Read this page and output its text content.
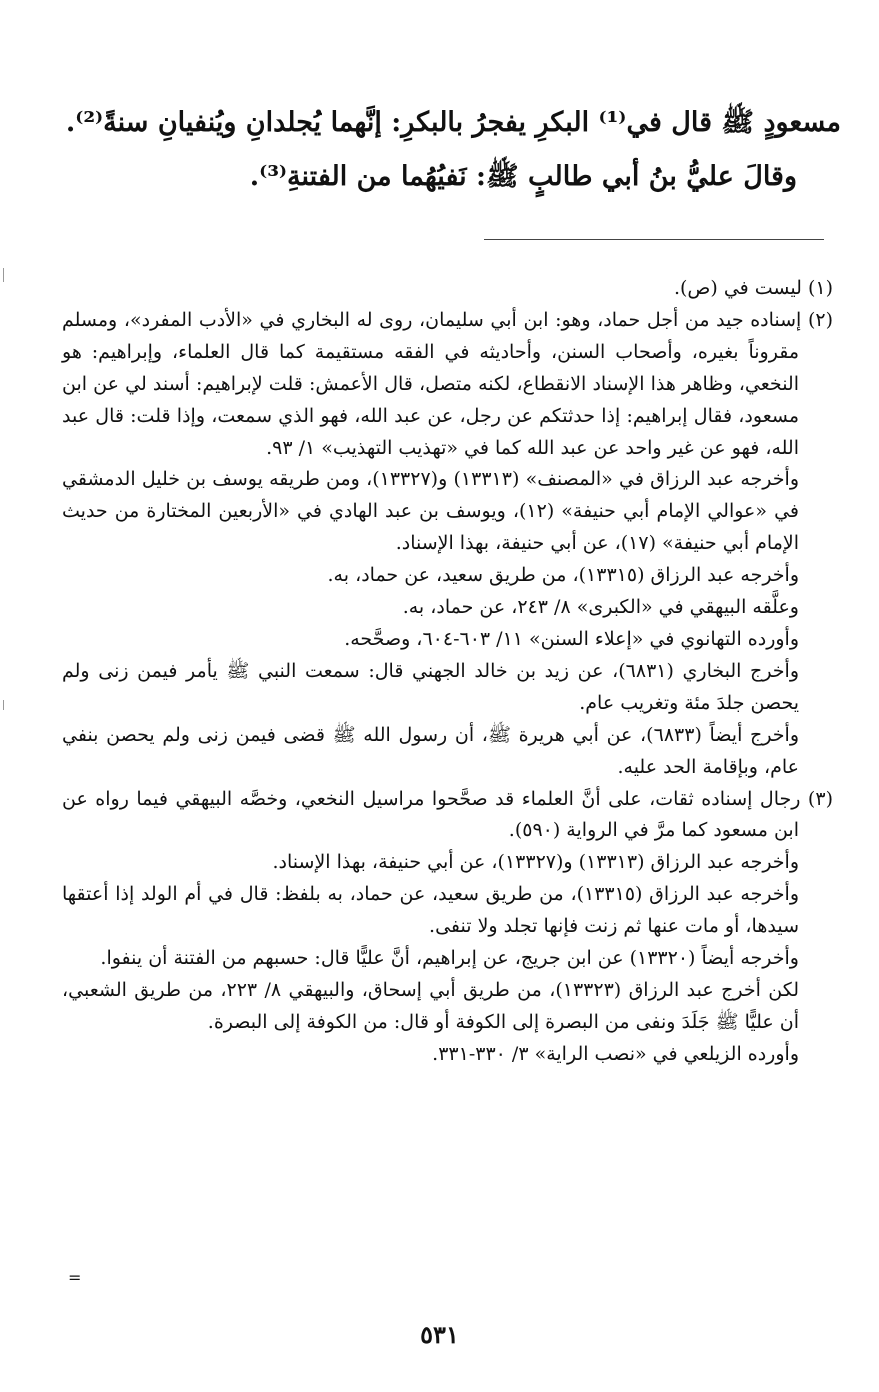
مسعودٍ ﷺ قال في⁽¹⁾ البكرِ يفجرُ بالبكرِ: إنَّهما يُجلدانِ ويُنفيانِ سنةً⁽²⁾.

وقالَ عليُّ بنُ أبي طالبٍ ﷺ: نَفيُهُما من الفتنةِ⁽³⁾.

(١) ليست في (ص).

(٢) إسناده جيد من أجل حماد، وهو: ابن أبي سليمان، روى له البخاري في «الأدب المفرد»، ومسلم مقروناً بغيره، وأصحاب السنن، وأحاديثه في الفقه مستقيمة كما قال العلماء، وإبراهيم: هو النخعي، وظاهر هذا الإسناد الانقطاع، لكنه متصل، قال الأعمش: قلت لإبراهيم: أسند لي عن ابن مسعود، فقال إبراهيم: إذا حدثتكم عن رجل، عن عبد الله، فهو الذي سمعت، وإذا قلت: قال عبد الله، فهو عن غير واحد عن عبد الله كما في «تهذيب التهذيب» ١/ ٩٣.

وأخرجه عبد الرزاق في «المصنف» (١٣٣١٣) و(١٣٣٢٧)، ومن طريقه يوسف بن خليل الدمشقي في «عوالي الإمام أبي حنيفة» (١٢)، ويوسف بن عبد الهادي في «الأربعين المختارة من حديث الإمام أبي حنيفة» (١٧)، عن أبي حنيفة، بهذا الإسناد.

وأخرجه عبد الرزاق (١٣٣١٥)، من طريق سعيد، عن حماد، به.

وعلَّقه البيهقي في «الكبرى» ٨/ ٢٤٣، عن حماد، به.

وأورده التهانوي في «إعلاء السنن» ١١/ ٦٠٣-٦٠٤، وصحَّحه.

وأخرج البخاري (٦٨٣١)، عن زيد بن خالد الجهني قال: سمعت النبي ﷺ يأمر فيمن زنى ولم يحصن جلدَ مئة وتغريب عام.

وأخرج أيضاً (٦٨٣٣)، عن أبي هريرة ﷺ، أن رسول الله ﷺ قضى فيمن زنى ولم يحصن بنفي عام، وبإقامة الحد عليه.

(٣) رجال إسناده ثقات، على أنَّ العلماء قد صحَّحوا مراسيل النخعي، وخصَّه البيهقي فيما رواه عن ابن مسعود كما مرَّ في الرواية (٥٩٠).

وأخرجه عبد الرزاق (١٣٣١٣) و(١٣٣٢٧)، عن أبي حنيفة، بهذا الإسناد.

وأخرجه عبد الرزاق (١٣٣١٥)، من طريق سعيد، عن حماد، به بلفظ: قال في أم الولد إذا أعتقها سيدها، أو مات عنها ثم زنت فإنها تجلد ولا تنفى.

وأخرجه أيضاً (١٣٣٢٠) عن ابن جريج، عن إبراهيم، أنَّ عليًّا قال: حسبهم من الفتنة أن ينفوا.

لكن أخرج عبد الرزاق (١٣٣٢٣)، من طريق أبي إسحاق، والبيهقي ٨/ ٢٢٣، من طريق الشعبي، أن عليًّا ﷺ جَلَدَ ونفى من البصرة إلى الكوفة أو قال: من الكوفة إلى البصرة.

وأورده الزيلعي في «نصب الراية» ٣/ ٣٣٠-٣٣١.

=
٥٣١
